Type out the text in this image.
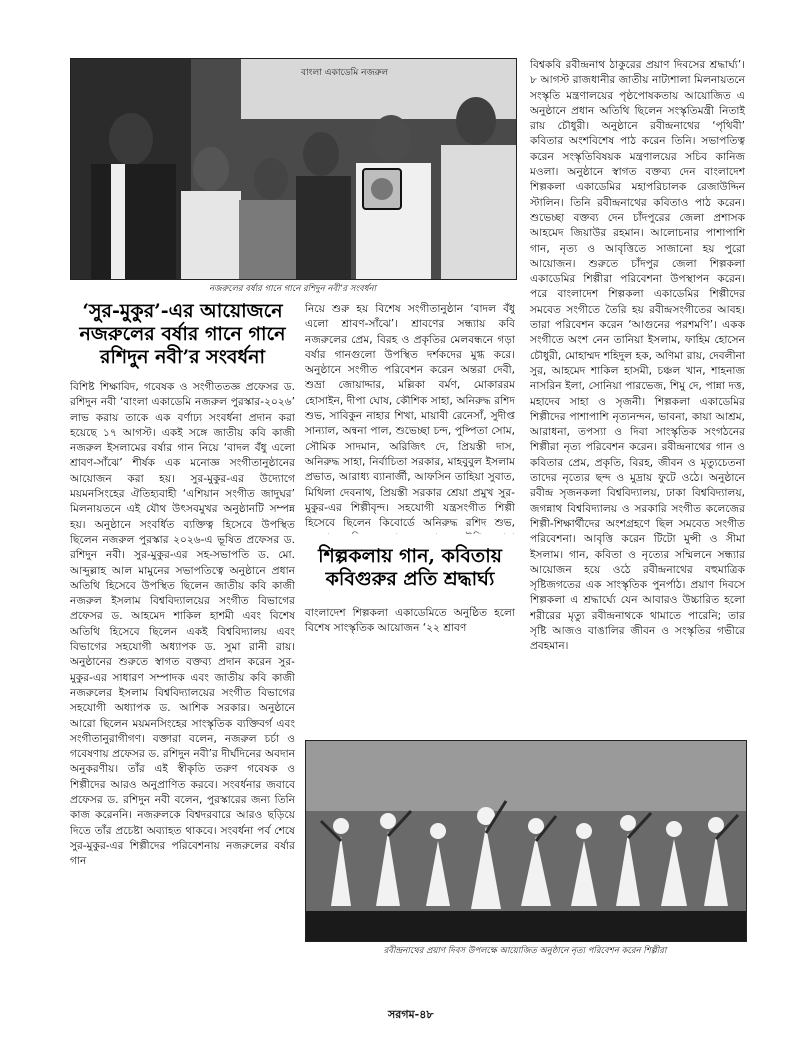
বাংলা একাডেমি নজরুল
নজরুলের বর্ষার গানে গানে রশিদুন নবী’র সংবর্ধনা
‘সুর-মুকুর’-এর আয়োজনে নজরুলের বর্ষার গানে গানে রশিদুন নবী’র সংবর্ধনা

বিশিষ্ট শিক্ষাবিদ, গবেষক ও সংগীততজ্ঞ প্রফেসর ড. রশিদুন নবী ‘বাংলা একাডেমি নজরুল পুরস্কার-২০২৬’ লাভ করায় তাকে এক বর্ণাঢ্য সংবর্ধনা প্রদান করা হয়েছে ১৭ আগস্ট। একই সঙ্গে জাতীয় কবি কাজী নজরুল ইসলামের বর্ষার গান নিয়ে ‘বাদল বঁধু এলো শ্রাবণ-সাঁঝে’ শীর্ষক এক মনোজ্ঞ সংগীতানুষ্ঠানের আয়োজন করা হয়। সুর-মুকুর-এর উদ্যোগে ময়মনসিংহের ঐতিহ্যবাহী ‘এশিয়ান সংগীত জাদুঘর’ মিলনায়তনে এই যৌথ উৎসবমুখর অনুষ্ঠানটি সম্পন্ন হয়। অনুষ্ঠানে সংবর্ধিত ব্যক্তিত্ব হিসেবে উপস্থিত ছিলেন নজরুল পুরস্কার ২০২৬-এ ভূষিত প্রফেসর ড. রশিদুন নবী। সুর-মুকুর-এর সহ-সভাপতি ড. মো. আব্দুল্লাহ আল মামুনের সভাপতিত্বে অনুষ্ঠানে প্রধান অতিথি হিসেবে উপস্থিত ছিলেন জাতীয় কবি কাজী নজরুল ইসলাম বিশ্ববিদ্যালয়ের সংগীত বিভাগের প্রফেসর ড. আহমেদ শাকিল হাশমী এবং বিশেষ অতিথি হিসেবে ছিলেন একই বিশ্ববিদ্যালয় এবং বিভাগের সহযোগী অধ্যাপক ড. সুমা রানী রায়। অনুষ্ঠানের শুরুতে স্বাগত বক্তব্য প্রদান করেন সুর-মুকুর-এর সাধারণ সম্পাদক এবং জাতীয় কবি কাজী নজরুলের ইসলাম বিশ্ববিদ্যালয়ের সংগীত বিভাগের সহযোগী অধ্যাপক ড. আশিক সরকার। অনুষ্ঠানে আরো ছিলেন ময়মনসিংহের সাংস্কৃতিক ব্যক্তিবর্গ এবং সংগীতানুরাগীগণ। বক্তারা বলেন, নজরুল চর্চা ও গবেষণায় প্রফেসর ড. রশিদুন নবী’র দীর্ঘদিনের অবদান অনুকরণীয়। তাঁর এই স্বীকৃতি তরুণ গবেষক ও শিল্পীদের আরও অনুপ্রাণিত করবে। সংবর্ধনার জবাবে প্রফেসর ড. রশিদুন নবী বলেন, পুরস্কারের জন্য তিনি কাজ করেননি। নজরুলকে বিশ্বদরবারে আরও ছড়িয়ে দিতে তাঁর প্রচেষ্টা অব্যাহত থাকবে। সংবর্ধনা পর্ব শেষে সুর-মুকুর-এর শিল্পীদের পরিবেশনায় নজরুলের বর্ষার গান

নিয়ে শুরু হয় বিশেষ সংগীতানুষ্ঠান ‘বাদল বঁধু এলো শ্রাবণ-সাঁঝে’। শ্রাবণের সন্ধ্যায় কবি নজরুলের প্রেম, বিরহ ও প্রকৃতির মেলবন্ধনে গড়া বর্ষার গানগুলো উপস্থিত দর্শকদের মুগ্ধ করে। অনুষ্ঠানে সংগীত পরিবেশন করেন অন্তরা দেবী, শুভ্রা জোয়াদ্দার, মল্লিকা বর্মণ, মোকাররম হোসাইন, দীপা ঘোষ, কৌশিক সাহা, অনিরুদ্ধ রশিদ শুভ, সাবিকুন নাহার শিখা, মায়াবী রেনেসাঁ, সুদীপ্ত সান্যাল, অন্বনা পাল, শুভেচ্ছা চন্দ, পুষ্পিতা সোম, সৌমিক সাদমান, অরিজিৎ দে, প্রিয়স্তী দাস, অনিরুদ্ধ সাহা, নির্বাচিতা সরকার, মাহবুবুল ইসলাম প্রভাত, আরাধ্য ব্যানার্জী, আফসিন তাহিয়া সুবাত, মিথিলা দেবনাথ, প্রিয়স্তী সরকার শ্রেয়া প্রমুখ সুর-মুকুর-এর শিল্পীবৃন্দ। সহযোগী যন্ত্রসংগীত শিল্পী হিসেবে ছিলেন কিবোর্ডে অনিরুদ্ধ রশিদ শুভ,

শিল্পকলায় গান, কবিতায় কবিগুরুর প্রতি শ্রদ্ধার্ঘ্য

বাংলাদেশ শিল্পকলা একাডেমিতে অনুষ্ঠিত হলো বিশেষ সাংস্কৃতিক আয়োজন ‘২২ শ্রাবণ

বিশ্বকবি রবীন্দ্রনাথ ঠাকুরের প্রয়াণ দিবসের শ্রদ্ধার্ঘ্য’। ৮ আগস্ট রাজধানীর জাতীয় নাট্যশালা মিলনায়তনে সংস্কৃতি মন্ত্রণালয়ের পৃষ্ঠপোষকতায় আয়োজিত এ অনুষ্ঠানে প্রধান অতিথি ছিলেন সংস্কৃতিমন্ত্রী নিতাই রায় চৌধুরী। অনুষ্ঠানে রবীন্দ্রনাথের ‘পৃথিবী’ কবিতার অংশবিশেষ পাঠ করেন তিনি। সভাপতিত্ব করেন সংস্কৃতিবিষয়ক মন্ত্রণালয়ের সচিব কানিজ মওলা। অনুষ্ঠানে স্বাগত বক্তব্য দেন বাংলাদেশ শিল্পকলা একাডেমির মহাপরিচালক রেজাউদ্দিন স্টালিন। তিনি রবীন্দ্রনাথের কবিতাও পাঠ করেন। শুভেচ্ছা বক্তব্য দেন চাঁদপুরের জেলা প্রশাসক আহমেদ জিয়াউর রহমান। আলোচনার পাশাপাশি গান, নৃত্য ও আবৃত্তিতে সাজানো হয় পুরো আয়োজন। শুরুতে চাঁদপুর জেলা শিল্পকলা একাডেমির শিল্পীরা পরিবেশনা উপস্থাপন করেন। পরে বাংলাদেশ শিল্পকলা একাডেমির শিল্পীদের সমবেত সংগীতে তৈরি হয় রবীন্দ্রসংগীতের আবহ। তারা পরিবেশন করেন ‘আগুনের পরশমণি’। একক সংগীতে অংশ নেন তানিয়া ইসলাম, ফাহিম হোসেন চৌধুরী, মোহাম্মদ শহিদুল হক, অণিমা রায়, দেবলীনা সুর, আহমেদ শাকিল হাসমী, চঞ্চল খান, শাহনাজ নাসরিন ইলা, সোনিয়া পারভেজ, শিমু দে, পান্না দত্ত, মহাদেব সাহা ও সৃজনী। শিল্পকলা একাডেমির শিল্পীদের পাশাপাশি নৃত্যনন্দন, ভাবনা, কায়া আশ্রম, আরাধনা, তপস্যা ও দিবা সাংস্কৃতিক সংগঠনের শিল্পীরা নৃত্য পরিবেশন করেন। রবীন্দ্রনাথের গান ও কবিতার প্রেম, প্রকৃতি, বিরহ, জীবন ও মৃত্যুচেতনা তাদের নৃত্যের ছন্দ ও মুদ্রায় ফুটে ওঠে। অনুষ্ঠানে রবীন্দ্র সৃজনকলা বিশ্ববিদ্যালয়, ঢাকা বিশ্ববিদ্যালয়, জগন্নাথ বিশ্ববিদ্যালয় ও সরকারি সংগীত কলেজের শিল্পী-শিক্ষার্থীদের অংশগ্রহণে ছিল সমবেত সংগীত পরিবেশনা। আবৃত্তি করেন টিটো মুন্সী ও সীমা ইসলাম। গান, কবিতা ও নৃত্যের সম্মিলনে সন্ধ্যার আয়োজন হয়ে ওঠে রবীন্দ্রনাথের বহুমাত্রিক সৃষ্টিজগতের এক সাংস্কৃতিক পুনর্পাঠ। প্রয়াণ দিবসে শিল্পকলা এ শ্রদ্ধার্ঘ্যে যেন আবারও উচ্চারিত হলো শরীরের মৃত্যু রবীন্দ্রনাথকে থামাতে পারেনি; তার সৃষ্টি আজও বাঙালির জীবন ও সংস্কৃতির গভীরে প্রবহমান।

রবীন্দ্রনাথের প্রয়াণ দিবস উপলক্ষে আয়োজিত অনুষ্ঠানে নৃত্য পরিবেশন করেন শিল্পীরা
সরগম-৪৮
